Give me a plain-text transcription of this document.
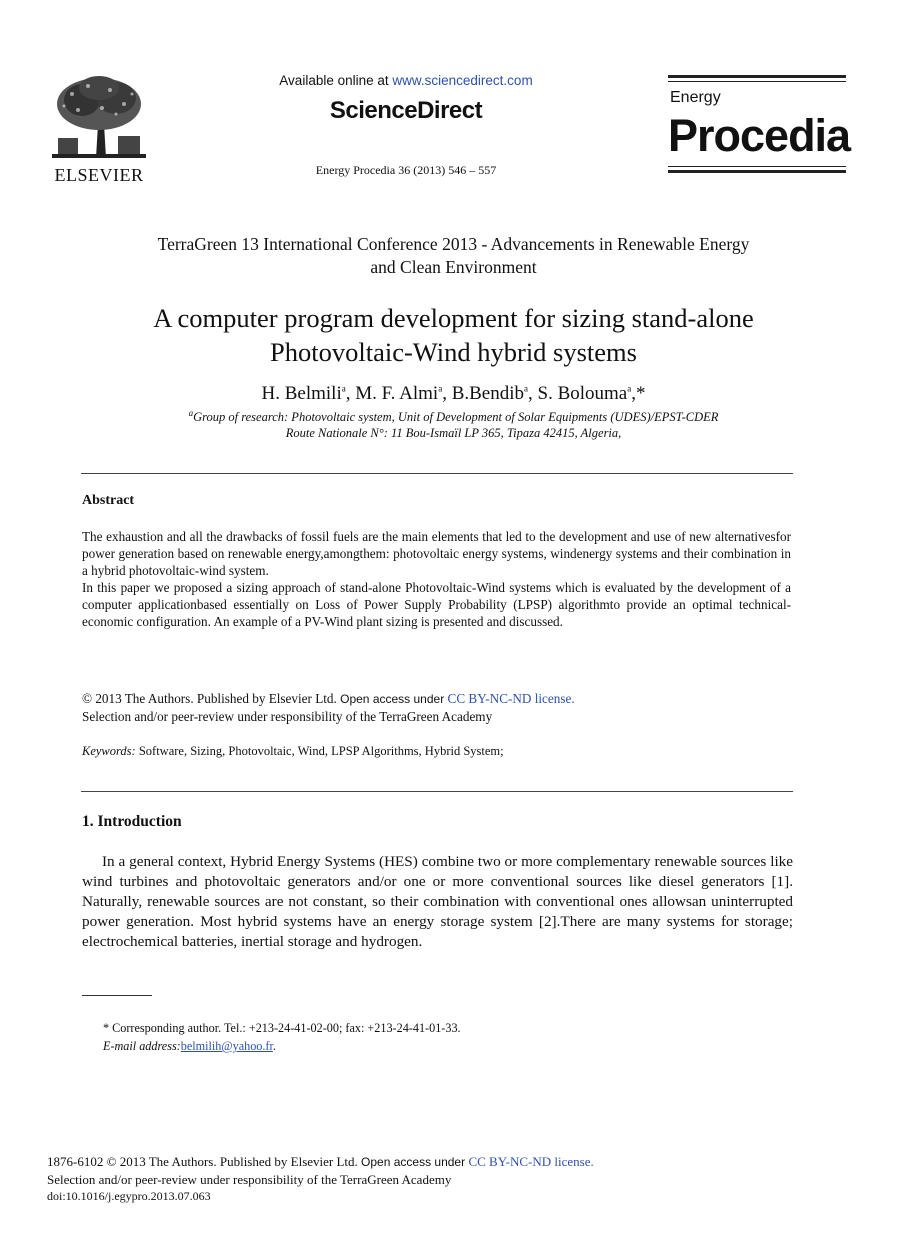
ELSEVIER
Available online at www.sciencedirect.com
ScienceDirect
Energy Procedia 36 (2013) 546 – 557
Energy
Procedia
TerraGreen 13 International Conference 2013 - Advancements in Renewable Energy
and Clean Environment
A computer program development for sizing stand-alone
Photovoltaic-Wind hybrid systems
H. Belmili$^a$, M. F. Almi$^a$, B.Bendib$^a$, S. Bolouma$^a$,*
$^a$Group of research: Photovoltaic system, Unit of Development of Solar Equipments (UDES)/EPST-CDER
Route Nationale N°: 11 Bou-Ismaïl LP 365, Tipaza 42415, Algeria,
Abstract
The exhaustion and all the drawbacks of fossil fuels are the main elements that led to the development and use of new alternativesfor power generation based on renewable energy,amongthem: photovoltaic energy systems, windenergy systems and their combination in a hybrid photovoltaic-wind system.
In this paper we proposed a sizing approach of stand-alone Photovoltaic-Wind systems which is evaluated by the development of a computer applicationbased essentially on Loss of Power Supply Probability (LPSP) algorithmto provide an optimal technical-economic configuration. An example of a PV-Wind plant sizing is presented and discussed.
© 2013 The Authors. Published by Elsevier Ltd. Open access under CC BY-NC-ND license.
Selection and/or peer-review under responsibility of the TerraGreen Academy
Keywords: Software, Sizing, Photovoltaic, Wind, LPSP Algorithms, Hybrid System;
1. Introduction
In a general context, Hybrid Energy Systems (HES) combine two or more complementary renewable sources like wind turbines and photovoltaic generators and/or one or more conventional sources like diesel generators [1]. Naturally, renewable sources are not constant, so their combination with conventional ones allowsan uninterrupted power generation. Most hybrid systems have an energy storage system [2].There are many systems for storage; electrochemical batteries, inertial storage and hydrogen.
* Corresponding author. Tel.: +213-24-41-02-00; fax: +213-24-41-01-33.
E-mail address:belmilih@yahoo.fr.
1876-6102 © 2013 The Authors. Published by Elsevier Ltd. Open access under CC BY-NC-ND license.
Selection and/or peer-review under responsibility of the TerraGreen Academy
doi:10.1016/j.egypro.2013.07.063
